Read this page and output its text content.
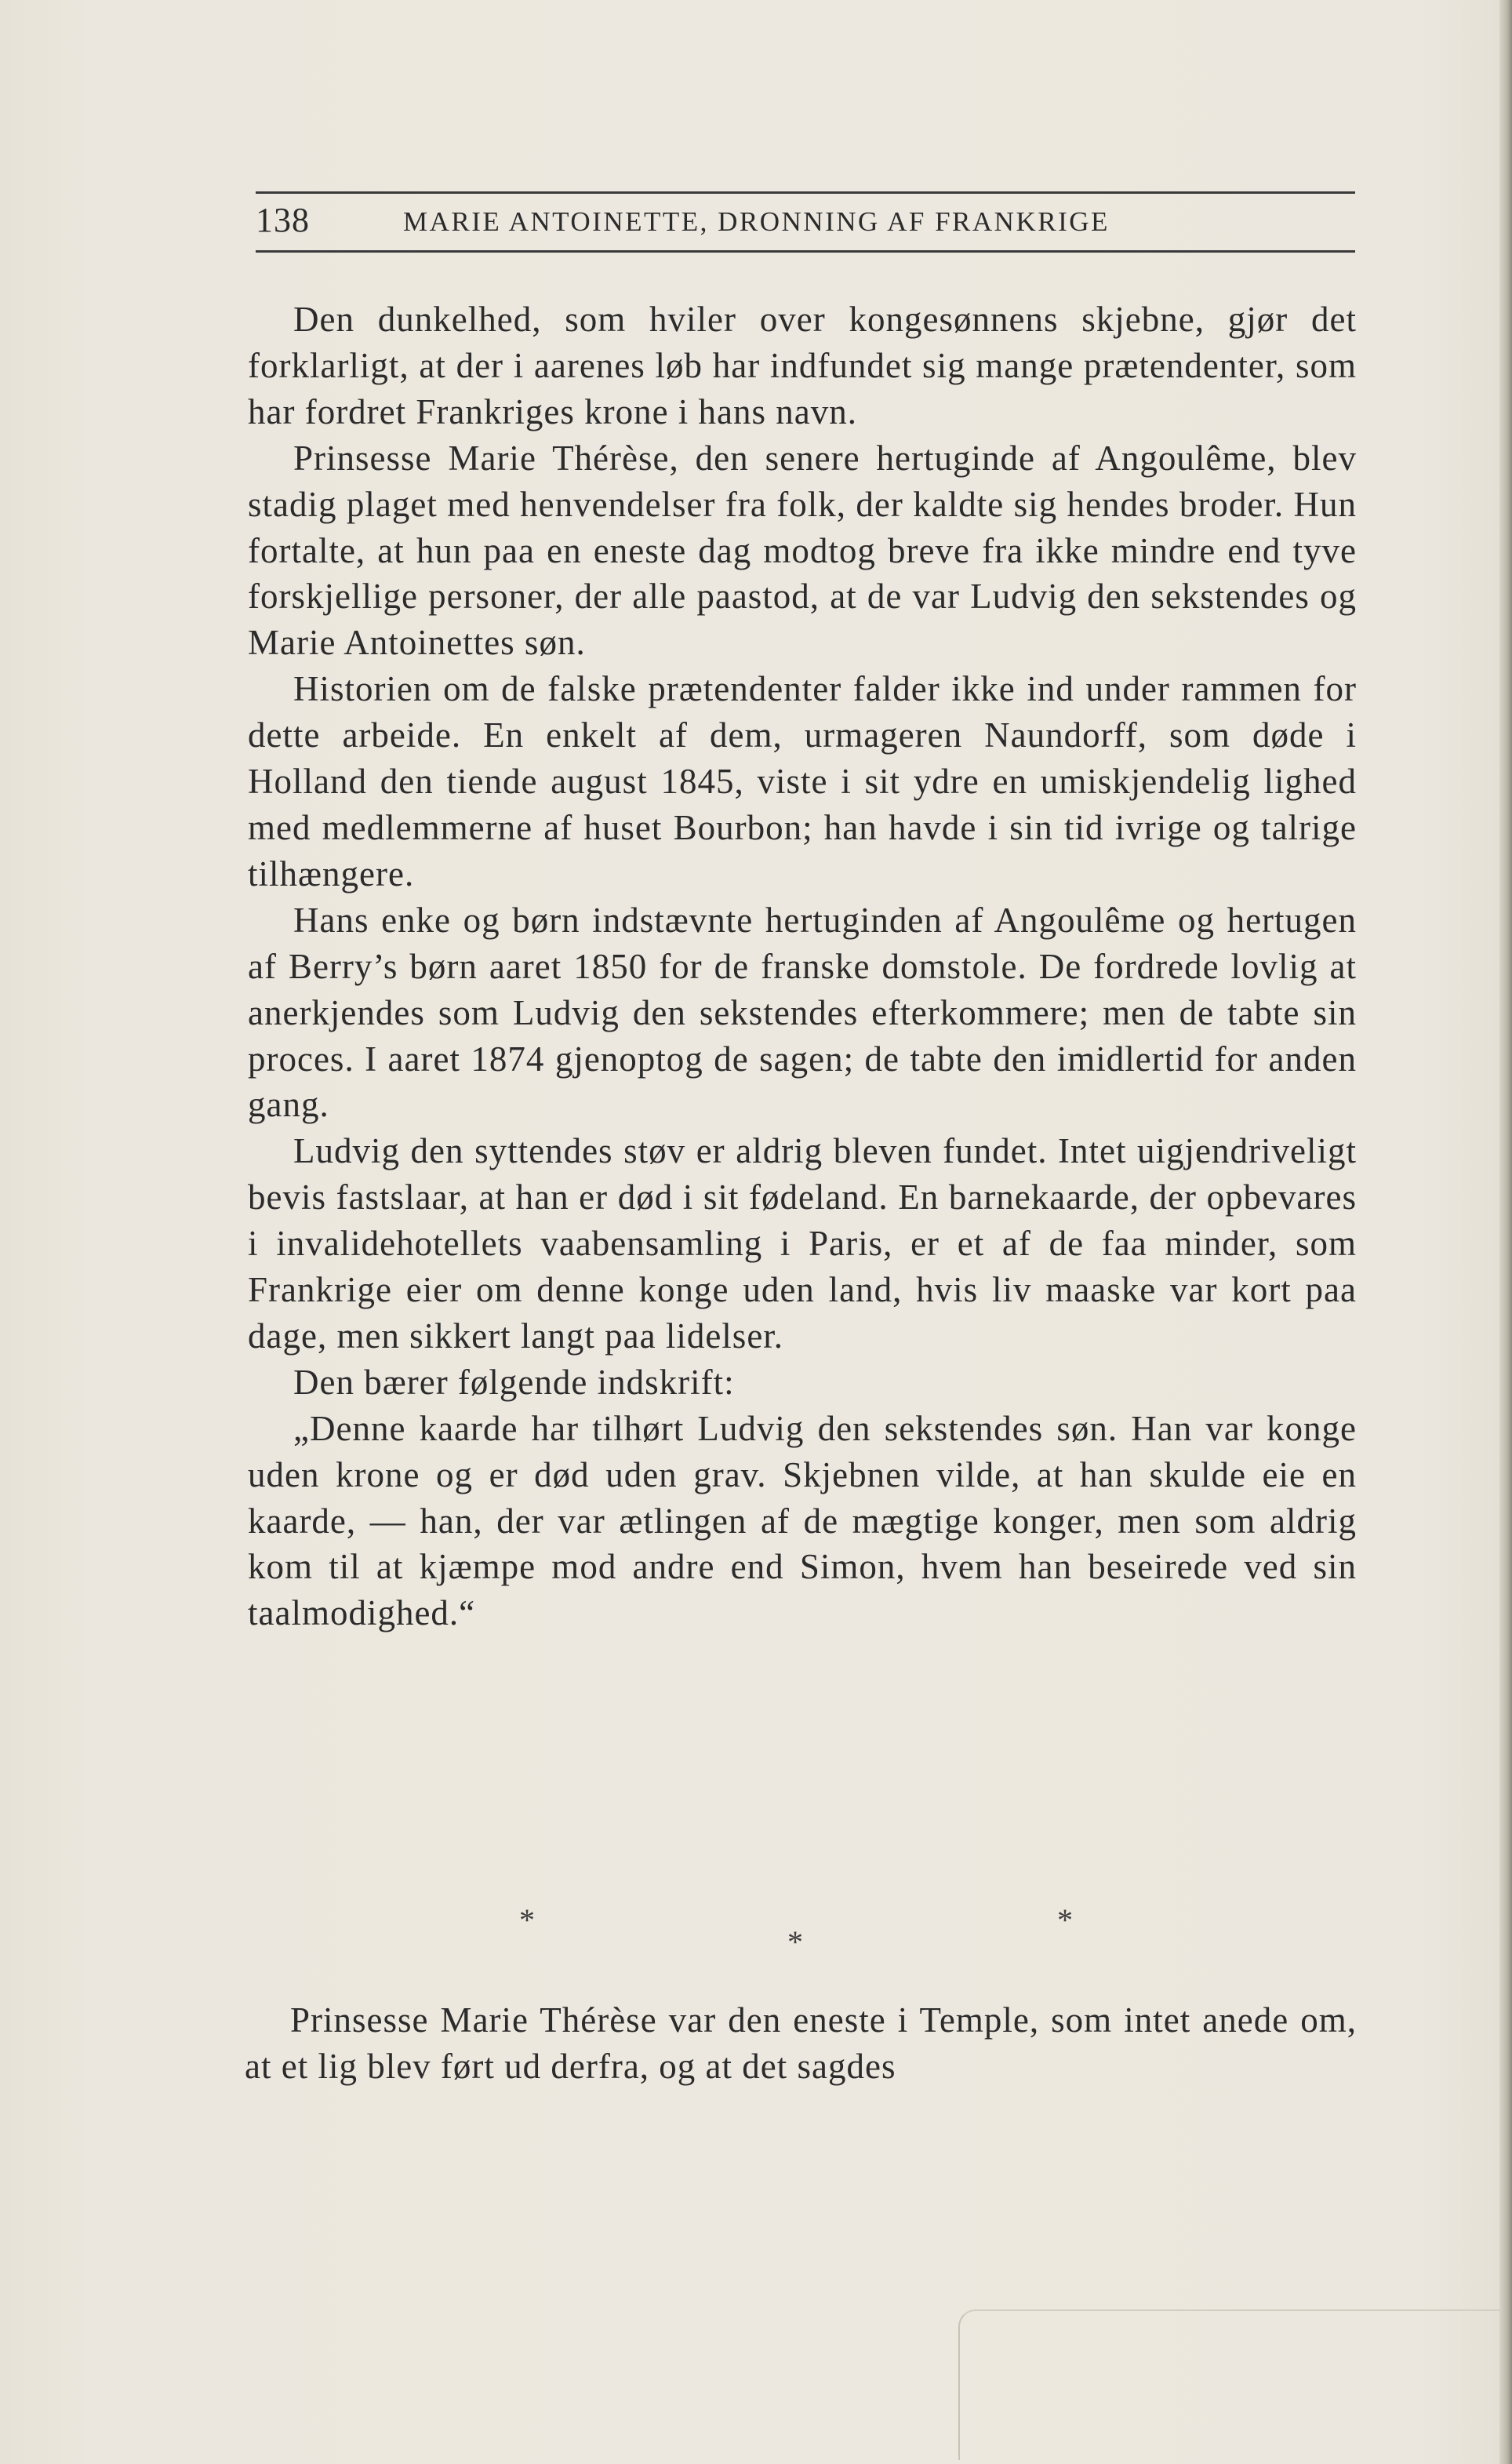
138	MARIE ANTOINETTE, DRONNING AF FRANKRIGE

Den dunkelhed, som hviler over kongesønnens skjebne, gjør det forklarligt, at der i aarenes løb har indfundet sig mange prætendenter, som har fordret Frankriges krone i hans navn.

Prinsesse Marie Thérèse, den senere hertuginde af Angoulême, blev stadig plaget med henvendelser fra folk, der kaldte sig hendes broder. Hun fortalte, at hun paa en eneste dag modtog breve fra ikke mindre end tyve forskjellige personer, der alle paastod, at de var Ludvig den sekstendes og Marie Antoinettes søn.

Historien om de falske prætendenter falder ikke ind under rammen for dette arbeide. En enkelt af dem, urmageren Naundorff, som døde i Holland den tiende august 1845, viste i sit ydre en umiskjendelig lighed med medlemmerne af huset Bourbon; han havde i sin tid ivrige og talrige tilhængere.

Hans enke og børn indstævnte hertuginden af Angoulême og hertugen af Berry’s børn aaret 1850 for de franske domstole. De fordrede lovlig at anerkjendes som Ludvig den sekstendes efterkommere; men de tabte sin proces. I aaret 1874 gjenoptog de sagen; de tabte den imidlertid for anden gang.

Ludvig den syttendes støv er aldrig bleven fundet. Intet uigjendriveligt bevis fastslaar, at han er død i sit fødeland. En barnekaarde, der opbevares i invalidehotellets vaabensamling i Paris, er et af de faa minder, som Frankrige eier om denne konge uden land, hvis liv maaske var kort paa dage, men sikkert langt paa lidelser.

Den bærer følgende indskrift:

„Denne kaarde har tilhørt Ludvig den sekstendes søn. Han var konge uden krone og er død uden grav. Skjebnen vilde, at han skulde eie en kaarde, — han, der var ætlingen af de mægtige konger, men som aldrig kom til at kjæmpe mod andre end Simon, hvem han beseirede ved sin taalmodighed.“

*	*
*

Prinsesse Marie Thérèse var den eneste i Temple, som intet anede om, at et lig blev ført ud derfra, og at det sagdes
